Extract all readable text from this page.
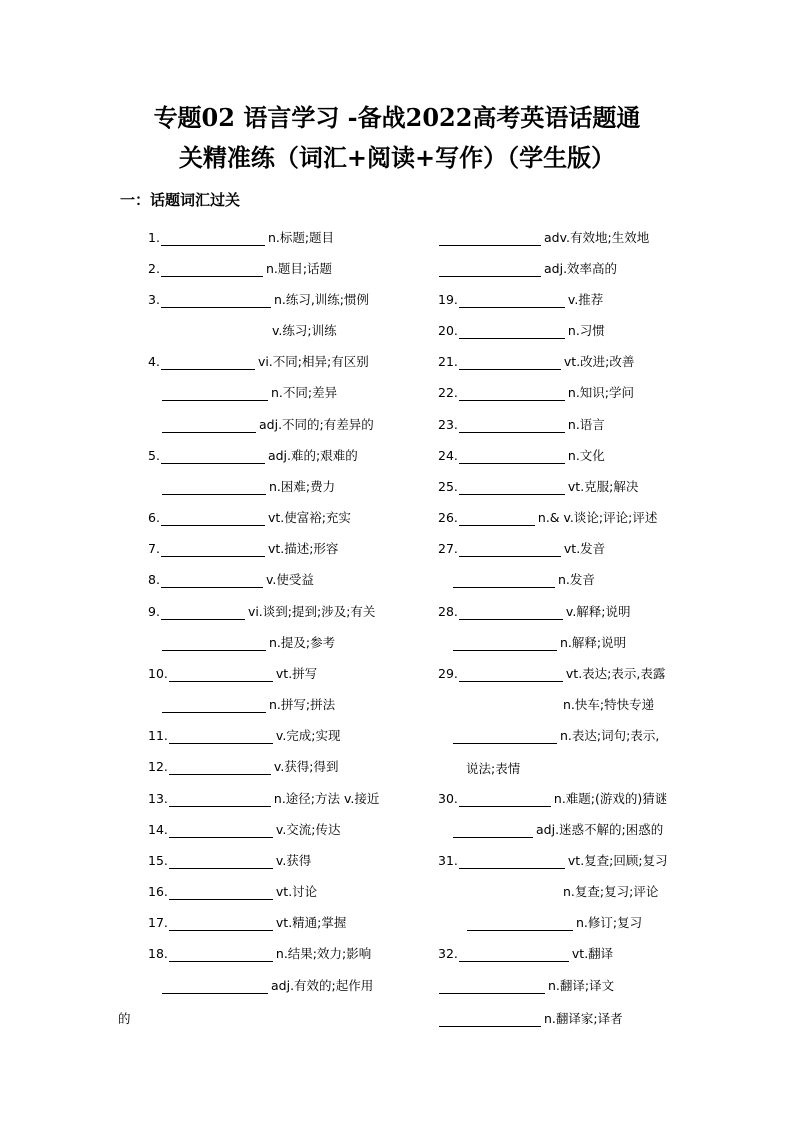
专题02 语言学习 -备战2022高考英语话题通
关精准练（词汇+阅读+写作）（学生版）
一：话题词汇过关
1.	n.标题;题目
2.	n.题目;话题
3.	n.练习,训练;惯例
v.练习;训练
4.	vi.不同;相异;有区别
n.不同;差异
adj.不同的;有差异的
5.	adj.难的;艰难的
n.困难;费力
6.	vt.使富裕;充实
7.	vt.描述;形容
8.	v.使受益
9.	vi.谈到;提到;涉及;有关
n.提及;参考
10.	vt.拼写
n.拼写;拼法
11.	v.完成;实现
12.	v.获得;得到
13.	n.途径;方法 v.接近
14.	v.交流;传达
15.	v.获得
16.	vt.讨论
17.	vt.精通;掌握
18.	n.结果;效力;影响
adj.有效的;起作用
的
adv.有效地;生效地
adj.效率高的
19.	v.推荐
20.	n.习惯
21.	vt.改进;改善
22.	n.知识;学问
23.	n.语言
24.	n.文化
25.	vt.克服;解决
26.	n.& v.谈论;评论;评述
27.	vt.发音
n.发音
28.	v.解释;说明
n.解释;说明
29.	vt.表达;表示,表露
n.快车;特快专递
n.表达;词句;表示,
说法;表情
30.	n.难题;(游戏的)猜谜
adj.迷惑不解的;困惑的
31.	vt.复查;回顾;复习
n.复查;复习;评论
n.修订;复习
32.	vt.翻译
n.翻译;译文
n.翻译家;译者
